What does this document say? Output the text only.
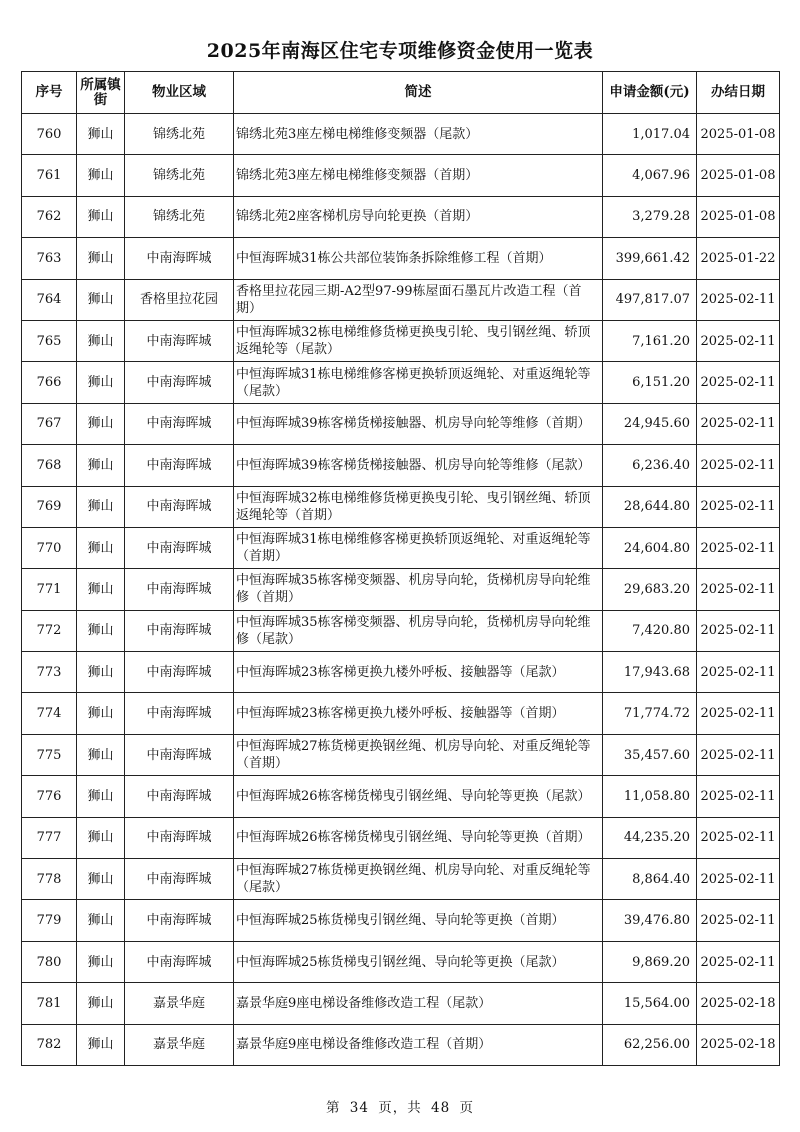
2025年南海区住宅专项维修资金使用一览表
序号	所属镇街	物业区域	简述	申请金额(元)	办结日期
760	狮山	锦绣北苑	锦绣北苑3座左梯电梯维修变频器（尾款）	1,017.04	2025-01-08
761	狮山	锦绣北苑	锦绣北苑3座左梯电梯维修变频器（首期）	4,067.96	2025-01-08
762	狮山	锦绣北苑	锦绣北苑2座客梯机房导向轮更换（首期）	3,279.28	2025-01-08
763	狮山	中南海晖城	中恒海晖城31栋公共部位装饰条拆除维修工程（首期）	399,661.42	2025-01-22
764	狮山	香格里拉花园	香格里拉花园三期-A2型97-99栋屋面石墨瓦片改造工程（首期）	497,817.07	2025-02-11
765	狮山	中南海晖城	中恒海晖城32栋电梯维修货梯更换曳引轮、曳引钢丝绳、轿顶返绳轮等（尾款）	7,161.20	2025-02-11
766	狮山	中南海晖城	中恒海晖城31栋电梯维修客梯更换轿顶返绳轮、对重返绳轮等（尾款）	6,151.20	2025-02-11
767	狮山	中南海晖城	中恒海晖城39栋客梯货梯接触器、机房导向轮等维修（首期）	24,945.60	2025-02-11
768	狮山	中南海晖城	中恒海晖城39栋客梯货梯接触器、机房导向轮等维修（尾款）	6,236.40	2025-02-11
769	狮山	中南海晖城	中恒海晖城32栋电梯维修货梯更换曳引轮、曳引钢丝绳、轿顶返绳轮等（首期）	28,644.80	2025-02-11
770	狮山	中南海晖城	中恒海晖城31栋电梯维修客梯更换轿顶返绳轮、对重返绳轮等（首期）	24,604.80	2025-02-11
771	狮山	中南海晖城	中恒海晖城35栋客梯变频器、机房导向轮，货梯机房导向轮维修（首期）	29,683.20	2025-02-11
772	狮山	中南海晖城	中恒海晖城35栋客梯变频器、机房导向轮，货梯机房导向轮维修（尾款）	7,420.80	2025-02-11
773	狮山	中南海晖城	中恒海晖城23栋客梯更换九楼外呼板、接触器等（尾款）	17,943.68	2025-02-11
774	狮山	中南海晖城	中恒海晖城23栋客梯更换九楼外呼板、接触器等（首期）	71,774.72	2025-02-11
775	狮山	中南海晖城	中恒海晖城27栋货梯更换钢丝绳、机房导向轮、对重反绳轮等（首期）	35,457.60	2025-02-11
776	狮山	中南海晖城	中恒海晖城26栋客梯货梯曳引钢丝绳、导向轮等更换（尾款）	11,058.80	2025-02-11
777	狮山	中南海晖城	中恒海晖城26栋客梯货梯曳引钢丝绳、导向轮等更换（首期）	44,235.20	2025-02-11
778	狮山	中南海晖城	中恒海晖城27栋货梯更换钢丝绳、机房导向轮、对重反绳轮等（尾款）	8,864.40	2025-02-11
779	狮山	中南海晖城	中恒海晖城25栋货梯曳引钢丝绳、导向轮等更换（首期）	39,476.80	2025-02-11
780	狮山	中南海晖城	中恒海晖城25栋货梯曳引钢丝绳、导向轮等更换（尾款）	9,869.20	2025-02-11
781	狮山	嘉景华庭	嘉景华庭9座电梯设备维修改造工程（尾款）	15,564.00	2025-02-18
782	狮山	嘉景华庭	嘉景华庭9座电梯设备维修改造工程（首期）	62,256.00	2025-02-18
第 34 页，共 48 页
